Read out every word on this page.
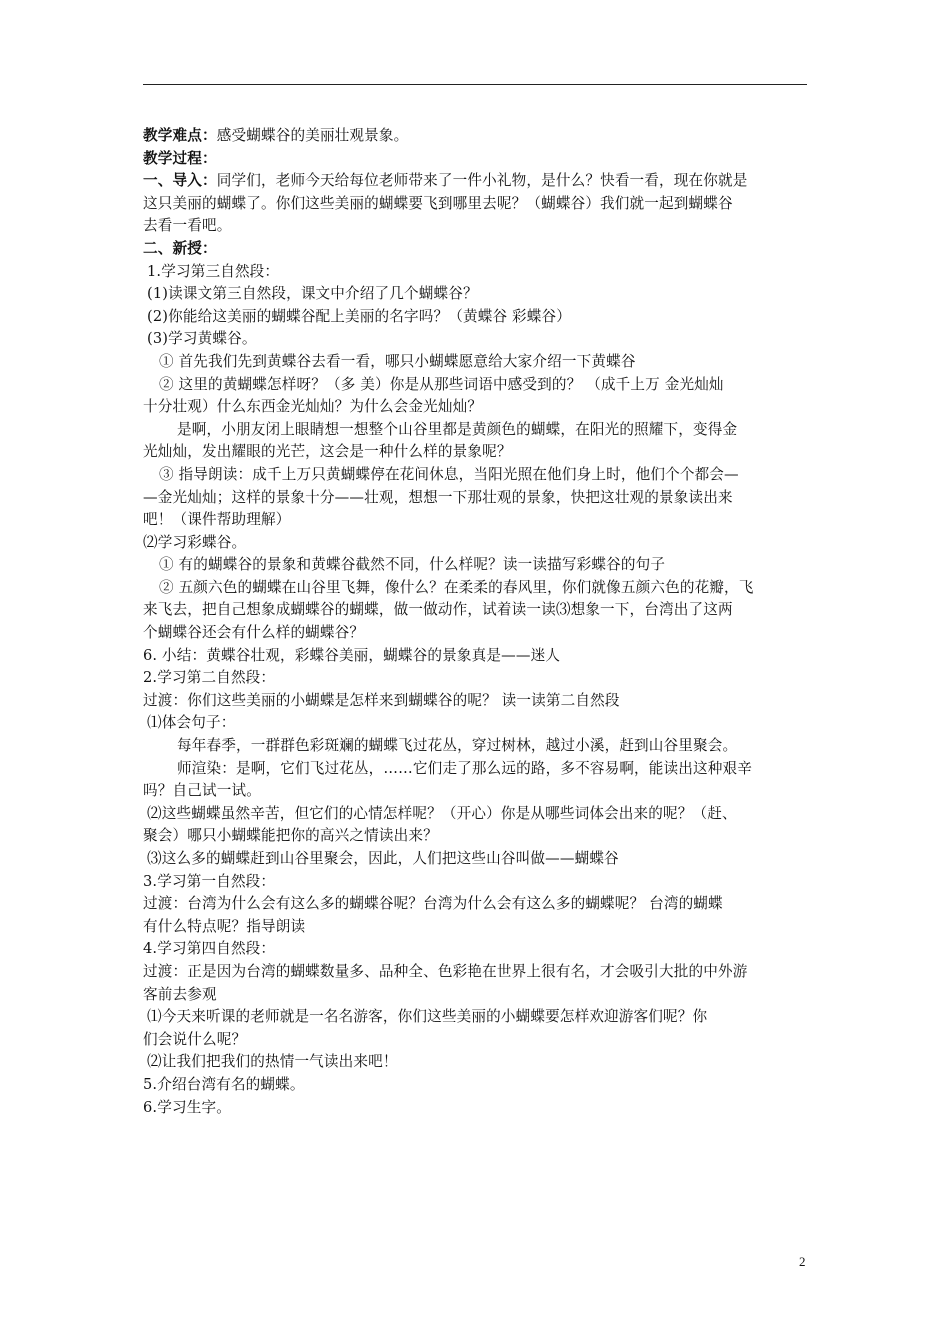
教学难点：感受蝴蝶谷的美丽壮观景象。
教学过程：
一、导入：同学们，老师今天给每位老师带来了一件小礼物，是什么？快看一看，现在你就是
这只美丽的蝴蝶了。你们这些美丽的蝴蝶要飞到哪里去呢？（蝴蝶谷）我们就一起到蝴蝶谷
去看一看吧。
二、新授：
1.学习第三自然段：
(1)读课文第三自然段，课文中介绍了几个蝴蝶谷？
(2)你能给这美丽的蝴蝶谷配上美丽的名字吗？（黄蝶谷 彩蝶谷）
(3)学习黄蝶谷。
① 首先我们先到黄蝶谷去看一看，哪只小蝴蝶愿意给大家介绍一下黄蝶谷
② 这里的黄蝴蝶怎样呀？（多 美）你是从那些词语中感受到的？ （成千上万 金光灿灿
十分壮观）什么东西金光灿灿？为什么会金光灿灿？
是啊，小朋友闭上眼睛想一想整个山谷里都是黄颜色的蝴蝶，在阳光的照耀下，变得金
光灿灿，发出耀眼的光芒，这会是一种什么样的景象呢？
③ 指导朗读：成千上万只黄蝴蝶停在花间休息，当阳光照在他们身上时，他们个个都会—
—金光灿灿；这样的景象十分——壮观，想想一下那壮观的景象，快把这壮观的景象读出来
吧！（课件帮助理解）
⑵学习彩蝶谷。
① 有的蝴蝶谷的景象和黄蝶谷截然不同，什么样呢？读一读描写彩蝶谷的句子
② 五颜六色的蝴蝶在山谷里飞舞，像什么？在柔柔的春风里，你们就像五颜六色的花瓣，飞
来飞去，把自己想象成蝴蝶谷的蝴蝶，做一做动作，试着读一读⑶想象一下，台湾出了这两
个蝴蝶谷还会有什么样的蝴蝶谷？
6. 小结：黄蝶谷壮观，彩蝶谷美丽，蝴蝶谷的景象真是——迷人
2.学习第二自然段：
过渡：你们这些美丽的小蝴蝶是怎样来到蝴蝶谷的呢？ 读一读第二自然段
⑴体会句子：
每年春季，一群群色彩斑斓的蝴蝶飞过花丛，穿过树林，越过小溪，赶到山谷里聚会。
师渲染：是啊，它们飞过花丛，……它们走了那么远的路，多不容易啊，能读出这种艰辛
吗？自己试一试。
⑵这些蝴蝶虽然辛苦，但它们的心情怎样呢？（开心）你是从哪些词体会出来的呢？（赶、
聚会）哪只小蝴蝶能把你的高兴之情读出来？
⑶这么多的蝴蝶赶到山谷里聚会，因此，人们把这些山谷叫做——蝴蝶谷
3.学习第一自然段：
过渡：台湾为什么会有这么多的蝴蝶谷呢？台湾为什么会有这么多的蝴蝶呢？ 台湾的蝴蝶
有什么特点呢？指导朗读
4.学习第四自然段：
过渡：正是因为台湾的蝴蝶数量多、品种全、色彩艳在世界上很有名，才会吸引大批的中外游
客前去参观
⑴今天来听课的老师就是一名名游客，你们这些美丽的小蝴蝶要怎样欢迎游客们呢？你
们会说什么呢？
⑵让我们把我们的热情一气读出来吧！
5.介绍台湾有名的蝴蝶。
6.学习生字。
2
